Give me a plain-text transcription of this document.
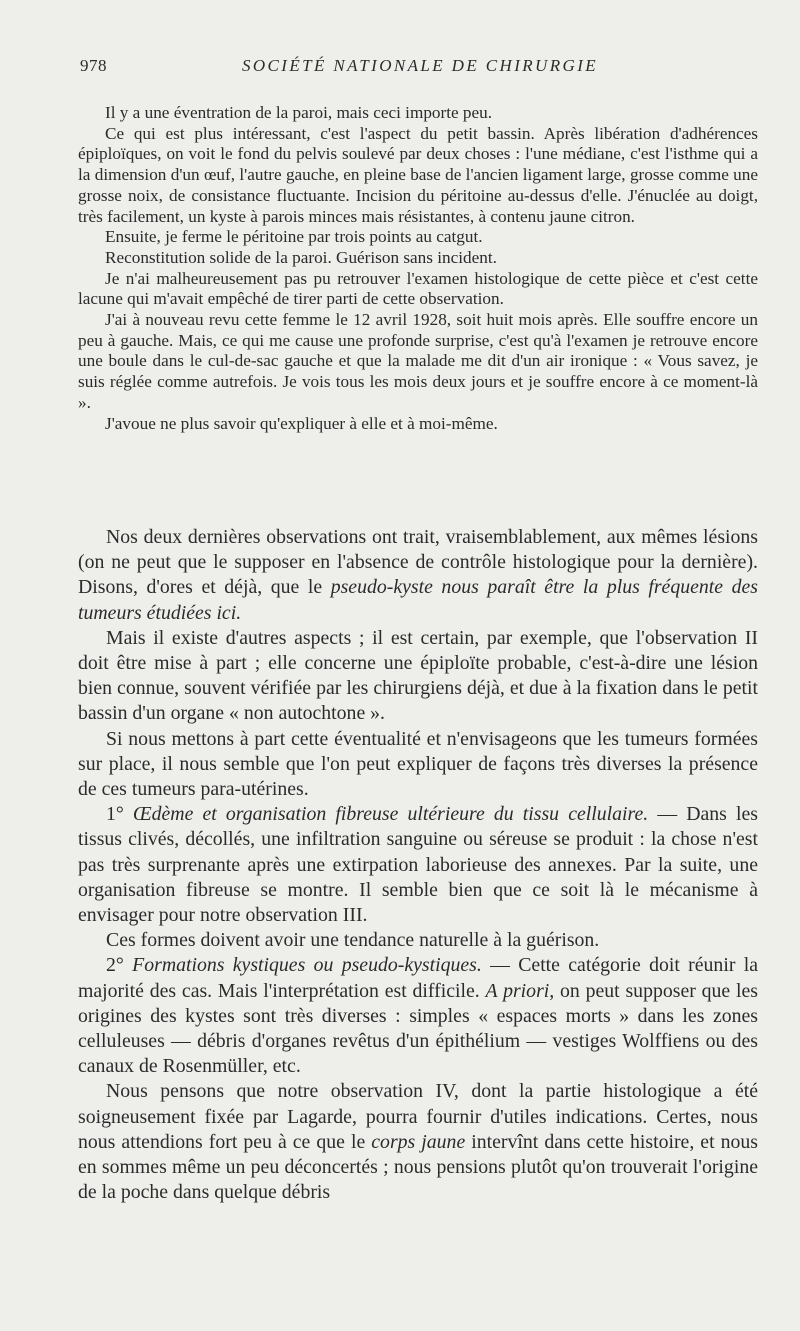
978	SOCIÉTÉ NATIONALE DE CHIRURGIE

Il y a une éventration de la paroi, mais ceci importe peu.

Ce qui est plus intéressant, c'est l'aspect du petit bassin. Après libération d'adhérences épiploïques, on voit le fond du pelvis soulevé par deux choses : l'une médiane, c'est l'isthme qui a la dimension d'un œuf, l'autre gauche, en pleine base de l'ancien ligament large, grosse comme une grosse noix, de consistance fluctuante. Incision du péritoine au-dessus d'elle. J'énuclée au doigt, très facilement, un kyste à parois minces mais résistantes, à contenu jaune citron.

Ensuite, je ferme le péritoine par trois points au catgut.

Reconstitution solide de la paroi. Guérison sans incident.

Je n'ai malheureusement pas pu retrouver l'examen histologique de cette pièce et c'est cette lacune qui m'avait empêché de tirer parti de cette observation.

J'ai à nouveau revu cette femme le 12 avril 1928, soit huit mois après. Elle souffre encore un peu à gauche. Mais, ce qui me cause une profonde surprise, c'est qu'à l'examen je retrouve encore une boule dans le cul-de-sac gauche et que la malade me dit d'un air ironique : « Vous savez, je suis réglée comme autrefois. Je vois tous les mois deux jours et je souffre encore à ce moment-là ».

J'avoue ne plus savoir qu'expliquer à elle et à moi-même.

Nos deux dernières observations ont trait, vraisemblablement, aux mêmes lésions (on ne peut que le supposer en l'absence de contrôle histologique pour la dernière). Disons, d'ores et déjà, que le pseudo-kyste nous paraît être la plus fréquente des tumeurs étudiées ici.

Mais il existe d'autres aspects ; il est certain, par exemple, que l'observation II doit être mise à part ; elle concerne une épiploïte probable, c'est-à-dire une lésion bien connue, souvent vérifiée par les chirurgiens déjà, et due à la fixation dans le petit bassin d'un organe « non autochtone ».

Si nous mettons à part cette éventualité et n'envisageons que les tumeurs formées sur place, il nous semble que l'on peut expliquer de façons très diverses la présence de ces tumeurs para-utérines.

1° Œdème et organisation fibreuse ultérieure du tissu cellulaire. — Dans les tissus clivés, décollés, une infiltration sanguine ou séreuse se produit : la chose n'est pas très surprenante après une extirpation laborieuse des annexes. Par la suite, une organisation fibreuse se montre. Il semble bien que ce soit là le mécanisme à envisager pour notre observation III.

Ces formes doivent avoir une tendance naturelle à la guérison.

2° Formations kystiques ou pseudo-kystiques. — Cette catégorie doit réunir la majorité des cas. Mais l'interprétation est difficile. A priori, on peut supposer que les origines des kystes sont très diverses : simples « espaces morts » dans les zones celluleuses — débris d'organes revêtus d'un épithélium — vestiges Wolffiens ou des canaux de Rosenmüller, etc.

Nous pensons que notre observation IV, dont la partie histologique a été soigneusement fixée par Lagarde, pourra fournir d'utiles indications. Certes, nous nous attendions fort peu à ce que le corps jaune intervînt dans cette histoire, et nous en sommes même un peu déconcertés ; nous pensions plutôt qu'on trouverait l'origine de la poche dans quelque débris
